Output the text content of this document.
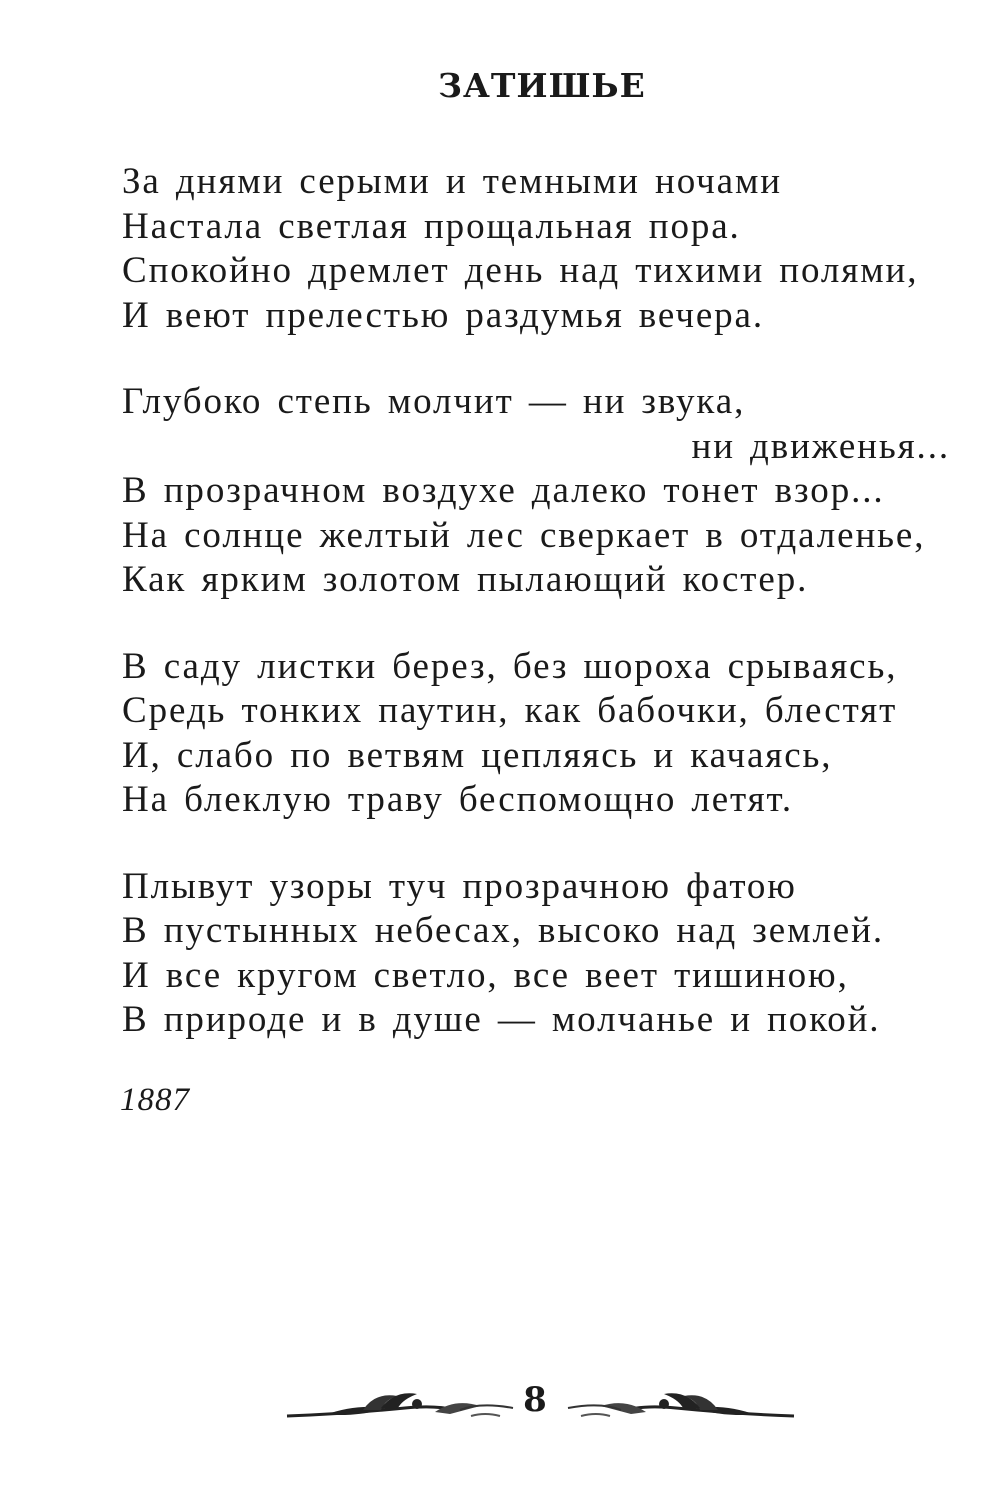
ЗАТИШЬЕ
За днями серыми и темными ночами
Настала светлая прощальная пора.
Спокойно дремлет день над тихими полями,
И веют прелестью раздумья вечера.
Глубоко степь молчит — ни звука,
ни движенья...
В прозрачном воздухе далеко тонет взор...
На солнце желтый лес сверкает в отдаленье,
Как ярким золотом пылающий костер.
В саду листки берез, без шороха срываясь,
Средь тонких паутин, как бабочки, блестят
И, слабо по ветвям цепляясь и качаясь,
На блеклую траву беспомощно летят.
Плывут узоры туч прозрачною фатою
В пустынных небесах, высоко над землей.
И все кругом светло, все веет тишиною,
В природе и в душе — молчанье и покой.
1887
8
